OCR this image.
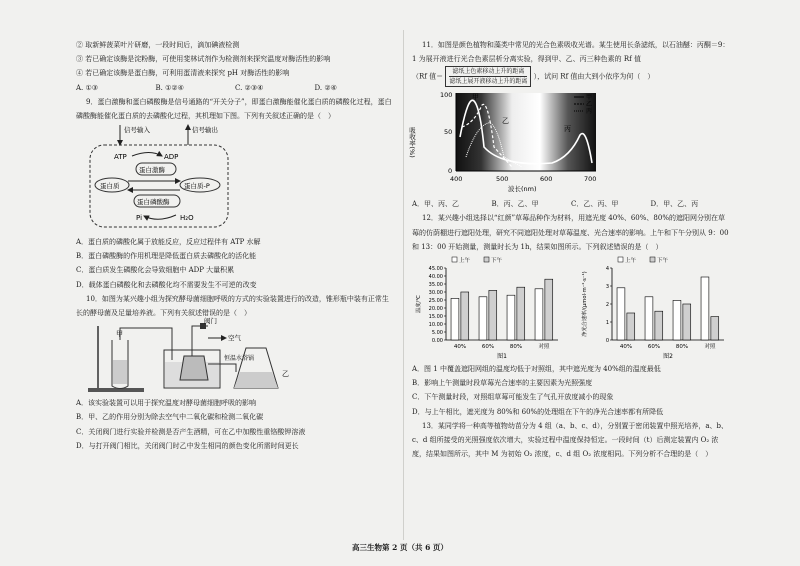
② 取新鲜菠菜叶片研磨，一段时间后，滴加碘液检测

③ 若已确定该酶是淀粉酶，可使用斐林试剂作为检测剂来探究温度对酶活性的影响

④ 若已确定该酶是蛋白酶，可利用蛋清液来探究 pH 对酶活性的影响

A. ①③	B. ①②④	C. ②③④	D. ②④

9．蛋白激酶和蛋白磷酸酶是信号通路的“开关分子”，即蛋白激酶能催化蛋白质的磷酸化过程，蛋白磷酸酶能催化蛋白质的去磷酸化过程，其机理如下图。下列有关叙述正确的是（　）

信号输入	信号输出
ATP	ADP
蛋白激酶
蛋白质	蛋白质-P
蛋白磷酸酶
Pi	H₂O

A．蛋白质的磷酸化属于放能反应，反应过程伴有 ATP 水解

B．蛋白磷酸酶的作用机理是降低蛋白质去磷酸化的活化能

C．蛋白质发生磷酸化会导致细胞中 ADP 大量积累

D．载体蛋白磷酸化和去磷酸化均不需要发生不可逆的改变

10．如图为某兴趣小组为探究酵母菌细胞呼吸的方式的实验装置进行的改造，锥形瓶中装有正常生长的酵母菌及足量培养液。下列有关叙述错误的是（　）

甲
阀门
空气
恒温水浴锅
乙

A．该实验装置可以用于探究温度对酵母菌细胞呼吸的影响

B．甲、乙的作用分别为除去空气中二氧化碳和检测二氧化碳

C．关闭阀门进行实验并检测是否产生酒精，可在乙中加酸性重铬酸钾溶液

D．与打开阀门相比，关闭阀门时乙中发生相同的颜色变化所需时间更长

11．如图是颜色植物和藻类中常见的光合色素吸收光谱。某生使用长条滤纸，以石油醚：丙酮＝9：1 为展开液进行光合色素层析分离实验，得到甲、乙、丙三种色素的 Rf 值

（Rf 值＝ $\frac{\text{滤纸上色素移动上升的距离}}{\text{滤纸上展开液移动上升的距离}}$ ），试问 Rf 值由大到小依序为何（　）

吸收率(%)
100
50
0
400	500	600	700
波长(nm)
甲
乙
丙
甲
乙
丙
A．甲、丙、乙	B．丙、乙、甲	C．乙、丙、甲	D．甲、乙、丙

12．某兴趣小组选择以“红颜”草莓品种作为材料，用遮光度 40%、60%、80%的遮阳网分别在草莓的仿荫棚进行遮阳处理，研究不同遮阳处理对草莓温度、光合速率的影响。上午和下午分别从 9：00 和 13：00 开始测量，测量时长为 1h，结果如图所示。下列叙述错误的是（　）

0.00
5.00
10.00
15.00
20.00
25.00
30.00
35.00
40.00
45.00
温度/℃
40%	60%	80%	对照
上午	下午
图1
0
1
2
3
4
净光合速率/(μmol·m⁻²·s⁻¹)
40%	60%	80%	对照
上午	下午
图2

A．图 1 中覆盖遮阳网组的温度均低于对照组，其中遮光度为 40%组的温度最低

B．影响上午测量时段草莓光合速率的主要因素为光照强度

C．下午测量时段，对照组草莓可能发生了气孔开放度减小的现象

D．与上午相比，遮光度为 80%和 60%的处理组在下午的净光合速率都有所降低

13．某同学将一种高等植物幼苗分为 4 组（a、b、c、d），分别置于密闭装置中照光培养，a、b、c、d 组所接受的光照强度依次增大，实验过程中温度保持恒定。一段时间（t）后测定装置内 O₂ 浓度，结果如图所示，其中 M 为初始 O₂ 浓度，c、d 组 O₂ 浓度相同。下列分析不合理的是（　）

高三生物第 2 页（共 6 页）
